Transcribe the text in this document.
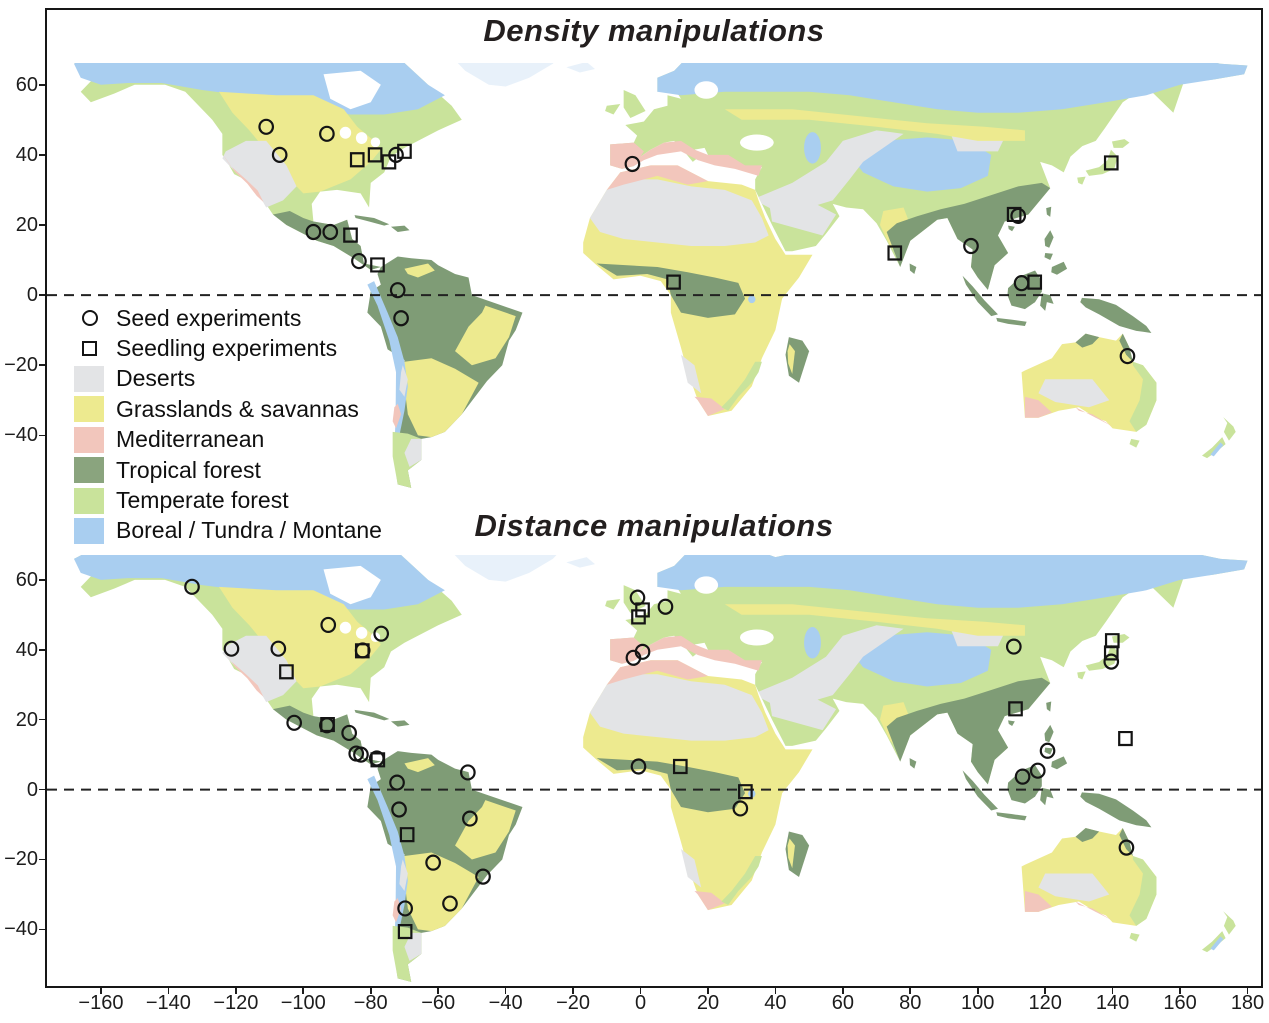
Density manipulations
Distance manipulations
Seed experiments
Seedling experiments
Deserts
Grasslands & savannas
Mediterranean
Tropical forest
Temperate forest
Boreal / Tundra / Montane
−160	−140	−120	−100	−80	−60	−40	−20	0	20	40	60	80	100	120	140	160	180
60
40
20
0
−20
−40
60
40
20
0
−20
−40
